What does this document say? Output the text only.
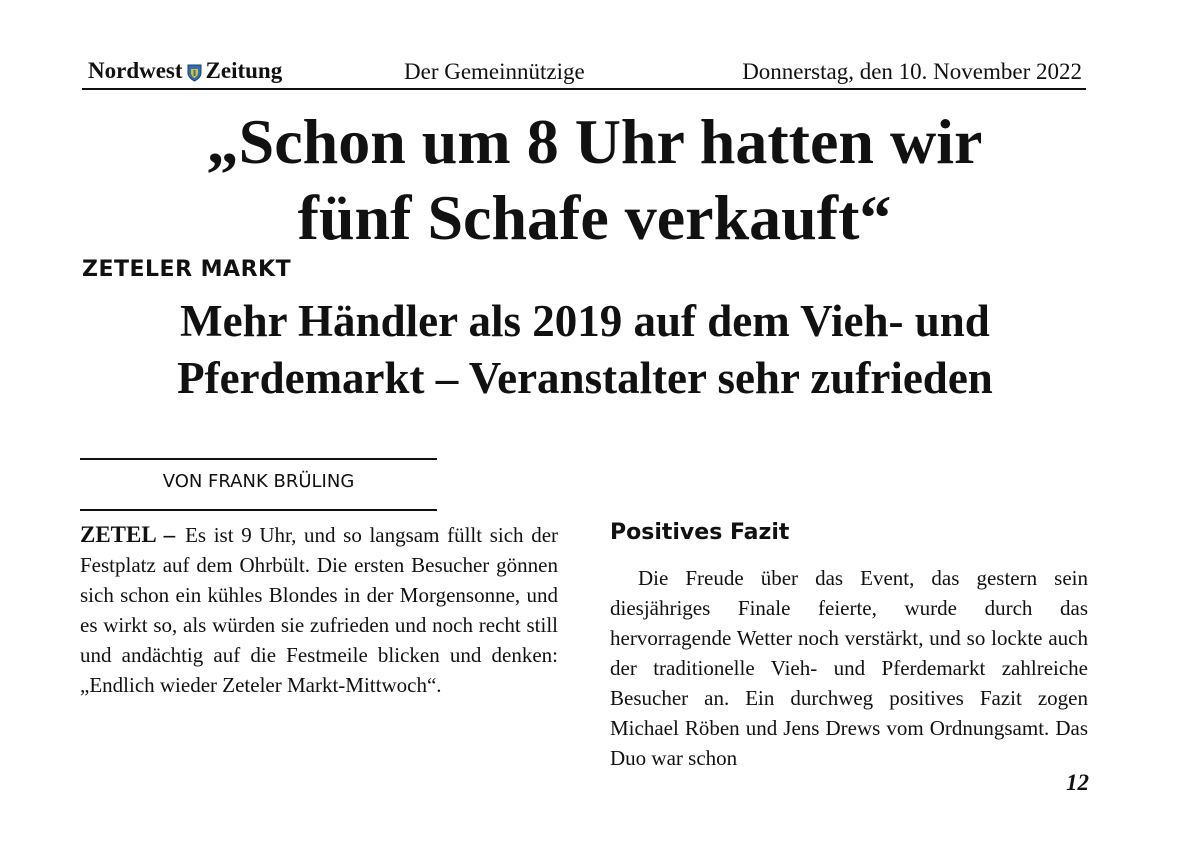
Nordwest Zeitung	Der Gemeinnützige	Donnerstag, den 10. November 2022
„Schon um 8 Uhr hatten wir
fünf Schafe verkauft“
ZETELER MARKT
Mehr Händler als 2019 auf dem Vieh- und
Pferdemarkt – Veranstalter sehr zufrieden
VON FRANK BRÜLING

ZETEL – Es ist 9 Uhr, und so langsam füllt sich der Festplatz auf dem Ohrbült. Die ersten Besucher gönnen sich schon ein kühles Blondes in der Morgensonne, und es wirkt so, als würden sie zufrieden und noch recht still und andächtig auf die Festmeile blicken und denken: „Endlich wieder Zeteler Markt-Mittwoch“.

Positives Fazit

Die Freude über das Event, das gestern sein diesjähriges Finale feierte, wurde durch das hervorragende Wetter noch verstärkt, und so lockte auch der traditionelle Vieh- und Pferdemarkt zahlreiche Besucher an. Ein durchweg positives Fazit zogen Michael Röben und Jens Drews vom Ordnungsamt. Das Duo war schon

12
